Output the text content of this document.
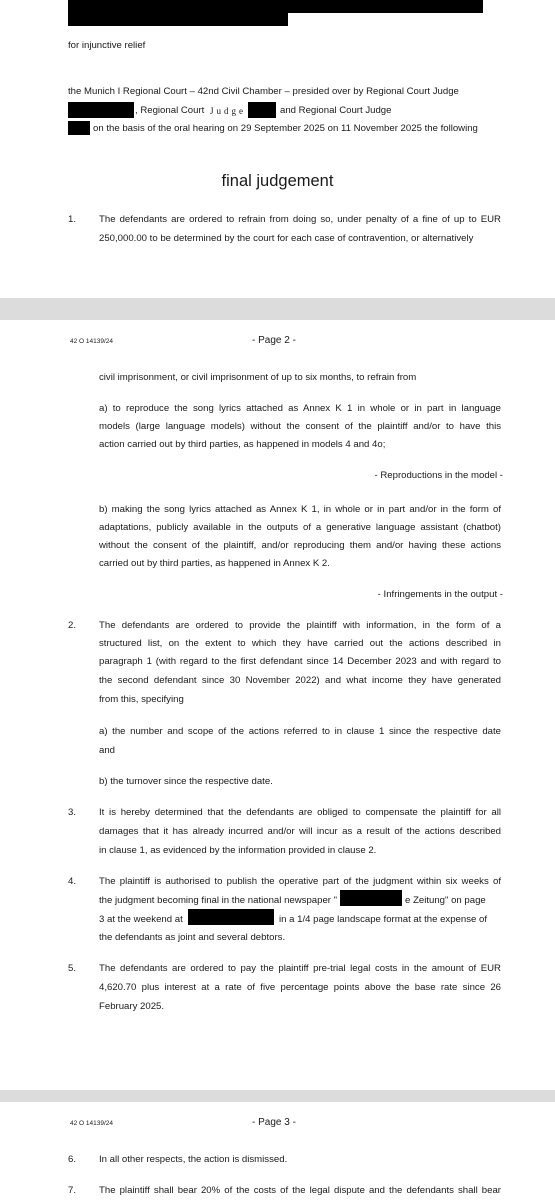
for injunctive relief
the Munich I Regional Court – 42nd Civil Chamber – presided over by Regional Court Judge
, Regional Court Judge	and Regional Court Judge
on the basis of the oral hearing on 29 September 2025 on 11 November 2025 the following
final judgement
1. The defendants are ordered to refrain from doing so, under penalty of a fine of up to EUR
250,000.00 to be determined by the court for each case of contravention, or alternatively
42 O 14139/24	- Page 2 -
civil imprisonment, or civil imprisonment of up to six months, to refrain from
a) to reproduce the song lyrics attached as Annex K 1 in whole or in part in language
models (large language models) without the consent of the plaintiff and/or to have this
action carried out by third parties, as happened in models 4 and 4o;
- Reproductions in the model -
b) making the song lyrics attached as Annex K 1, in whole or in part and/or in the form of
adaptations, publicly available in the outputs of a generative language assistant (chatbot)
without the consent of the plaintiff, and/or reproducing them and/or having these actions
carried out by third parties, as happened in Annex K 2.
- Infringements in the output -
2. The defendants are ordered to provide the plaintiff with information, in the form of a
structured list, on the extent to which they have carried out the actions described in
paragraph 1 (with regard to the first defendant since 14 December 2023 and with regard to
the second defendant since 30 November 2022) and what income they have generated
from this, specifying
a) the number and scope of the actions referred to in clause 1 since the respective date
and
b) the turnover since the respective date.
3. It is hereby determined that the defendants are obliged to compensate the plaintiff for all
damages that it has already incurred and/or will incur as a result of the actions described
in clause 1, as evidenced by the information provided in clause 2.
4. The plaintiff is authorised to publish the operative part of the judgment within six weeks of
the judgment becoming final in the national newspaper "	e Zeitung" on page
3 at the weekend at	in a 1/4 page landscape format at the expense of
the defendants as joint and several debtors.
5. The defendants are ordered to pay the plaintiff pre-trial legal costs in the amount of EUR
4,620.70 plus interest at a rate of five percentage points above the base rate since 26
February 2025.
42 O 14139/24	- Page 3 -
6. In all other respects, the action is dismissed.
7. The plaintiff shall bear 20% of the costs of the legal dispute and the defendants shall bear
